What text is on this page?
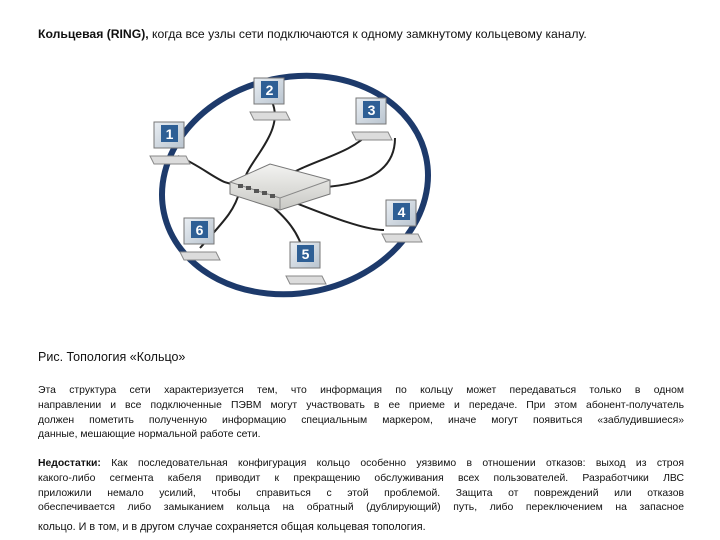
Кольцевая (RING), когда все узлы сети подключаются к одному замкнутому кольцевому каналу.
1
2
3
4
5
6
Рис. Топология «Кольцо»
Эта структура сети характеризуется тем, что информация по кольцу может передаваться только в одном
направлении и все подключенные ПЭВМ могут участвовать в ее приеме и передаче. При этом абонент-получатель
должен пометить полученную информацию специальным маркером, иначе могут появиться «заблудившиеся»
данные, мешающие нормальной работе сети.
Недостатки: Как последовательная конфигурация кольцо особенно уязвимо в отношении отказов: выход из строя
какого-либо сегмента кабеля приводит к прекращению обслуживания всех пользователей. Разработчики ЛВС
приложили немало усилий, чтобы справиться с этой проблемой. Защита от повреждений или отказов
обеспечивается либо замыканием кольца на обратный (дублирующий) путь, либо переключением на запасное
кольцо. И в том, и в другом случае сохраняется общая кольцевая топология.
